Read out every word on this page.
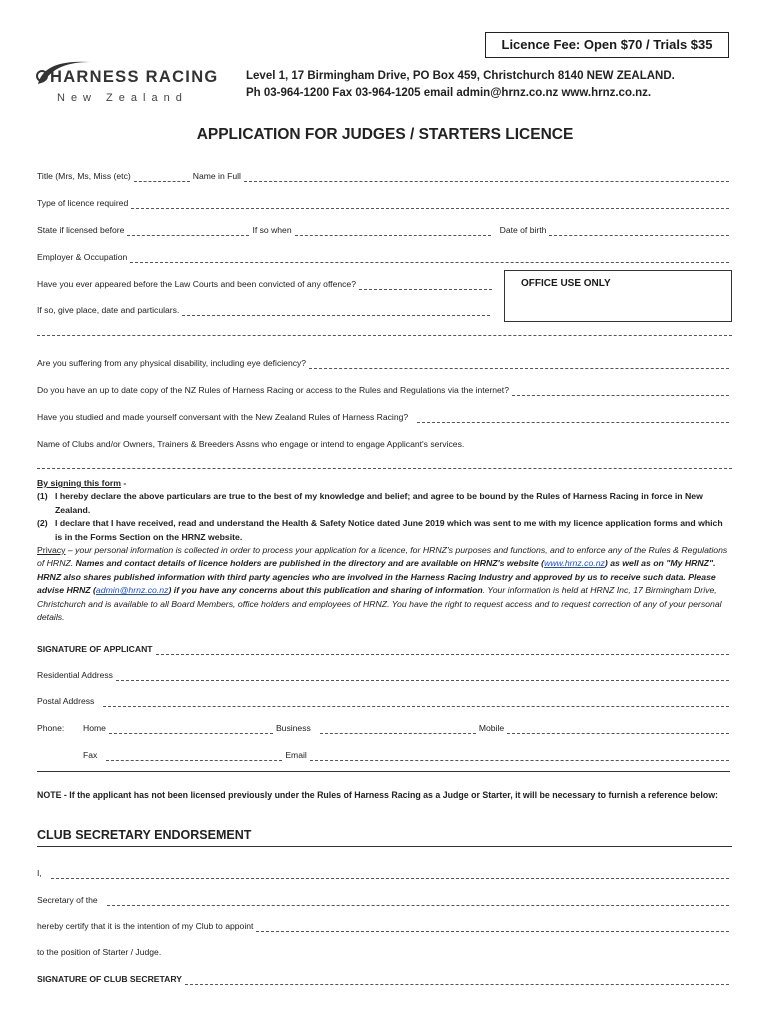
Licence Fee: Open $70 / Trials $35
HARNESS RACING
New Zealand
Level 1, 17 Birmingham Drive, PO Box 459, Christchurch 8140 NEW ZEALAND.
Ph 03-964-1200 Fax 03-964-1205 email admin@hrnz.co.nz www.hrnz.co.nz.
APPLICATION FOR JUDGES / STARTERS LICENCE
Title (Mrs, Ms, Miss (etc)	Name in Full
Type of licence required
State if licensed before	If so when	Date of birth
Employer & Occupation
Have you ever appeared before the Law Courts and been convicted of any offence?	OFFICE USE ONLY
If so, give place, date and particulars.
Are you suffering from any physical disability, including eye deficiency?
Do you have an up to date copy of the NZ Rules of Harness Racing or access to the Rules and Regulations via the internet?
Have you studied and made yourself conversant with the New Zealand Rules of Harness Racing?
Name of Clubs and/or Owners, Trainers & Breeders Assns who engage or intend to engage Applicant's services.
By signing this form -
(1) I hereby declare the above particulars are true to the best of my knowledge and belief; and agree to be bound by the Rules of Harness Racing in force in New Zealand.
(2) I declare that I have received, read and understand the Health & Safety Notice dated June 2019 which was sent to me with my licence application forms and which is in the Forms Section on the HRNZ website.
Privacy – your personal information is collected in order to process your application for a licence, for HRNZ's purposes and functions, and to enforce any of the Rules & Regulations of HRNZ. Names and contact details of licence holders are published in the directory and are available on HRNZ's website (www.hrnz.co.nz) as well as on "My HRNZ". HRNZ also shares published information with third party agencies who are involved in the Harness Racing Industry and approved by us to receive such data. Please advise HRNZ (admin@hrnz.co.nz) if you have any concerns about this publication and sharing of information. Your information is held at HRNZ Inc, 17 Birmingham Drive, Christchurch and is available to all Board Members, office holders and employees of HRNZ. You have the right to request access and to request correction of any of your personal details.
SIGNATURE OF APPLICANT
Residential Address
Postal Address
Phone:	Home	Business	Mobile
Fax	Email
NOTE - If the applicant has not been licensed previously under the Rules of Harness Racing as a Judge or Starter, it will be necessary to furnish a reference below:
CLUB SECRETARY ENDORSEMENT
I,
Secretary of the
hereby certify that it is the intention of my Club to appoint
to the position of Starter / Judge.
SIGNATURE OF CLUB SECRETARY
